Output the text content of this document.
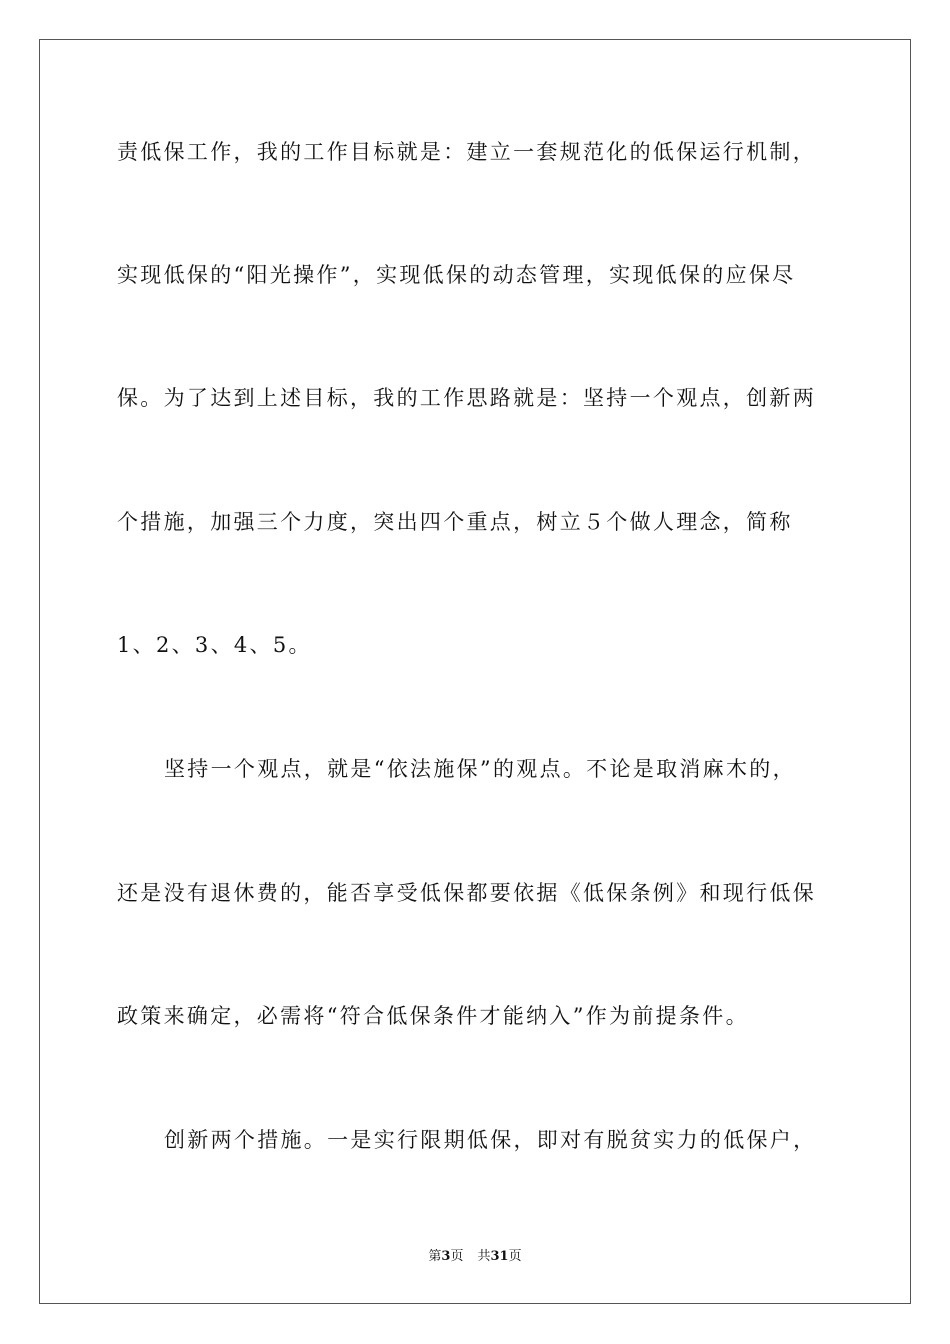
责低保工作，我的工作目标就是：建立一套规范化的低保运行机制，
实现低保的“阳光操作”，实现低保的动态管理，实现低保的应保尽
保。为了达到上述目标，我的工作思路就是：坚持一个观点，创新两
个措施，加强三个力度，突出四个重点，树立５个做人理念，简称
1、2、3、4、5。
坚持一个观点，就是“依法施保”的观点。不论是取消麻木的，
还是没有退休费的，能否享受低保都要依据《低保条例》和现行低保
政策来确定，必需将“符合低保条件才能纳入”作为前提条件。
创新两个措施。一是实行限期低保，即对有脱贫实力的低保户，
第3页 共31页
